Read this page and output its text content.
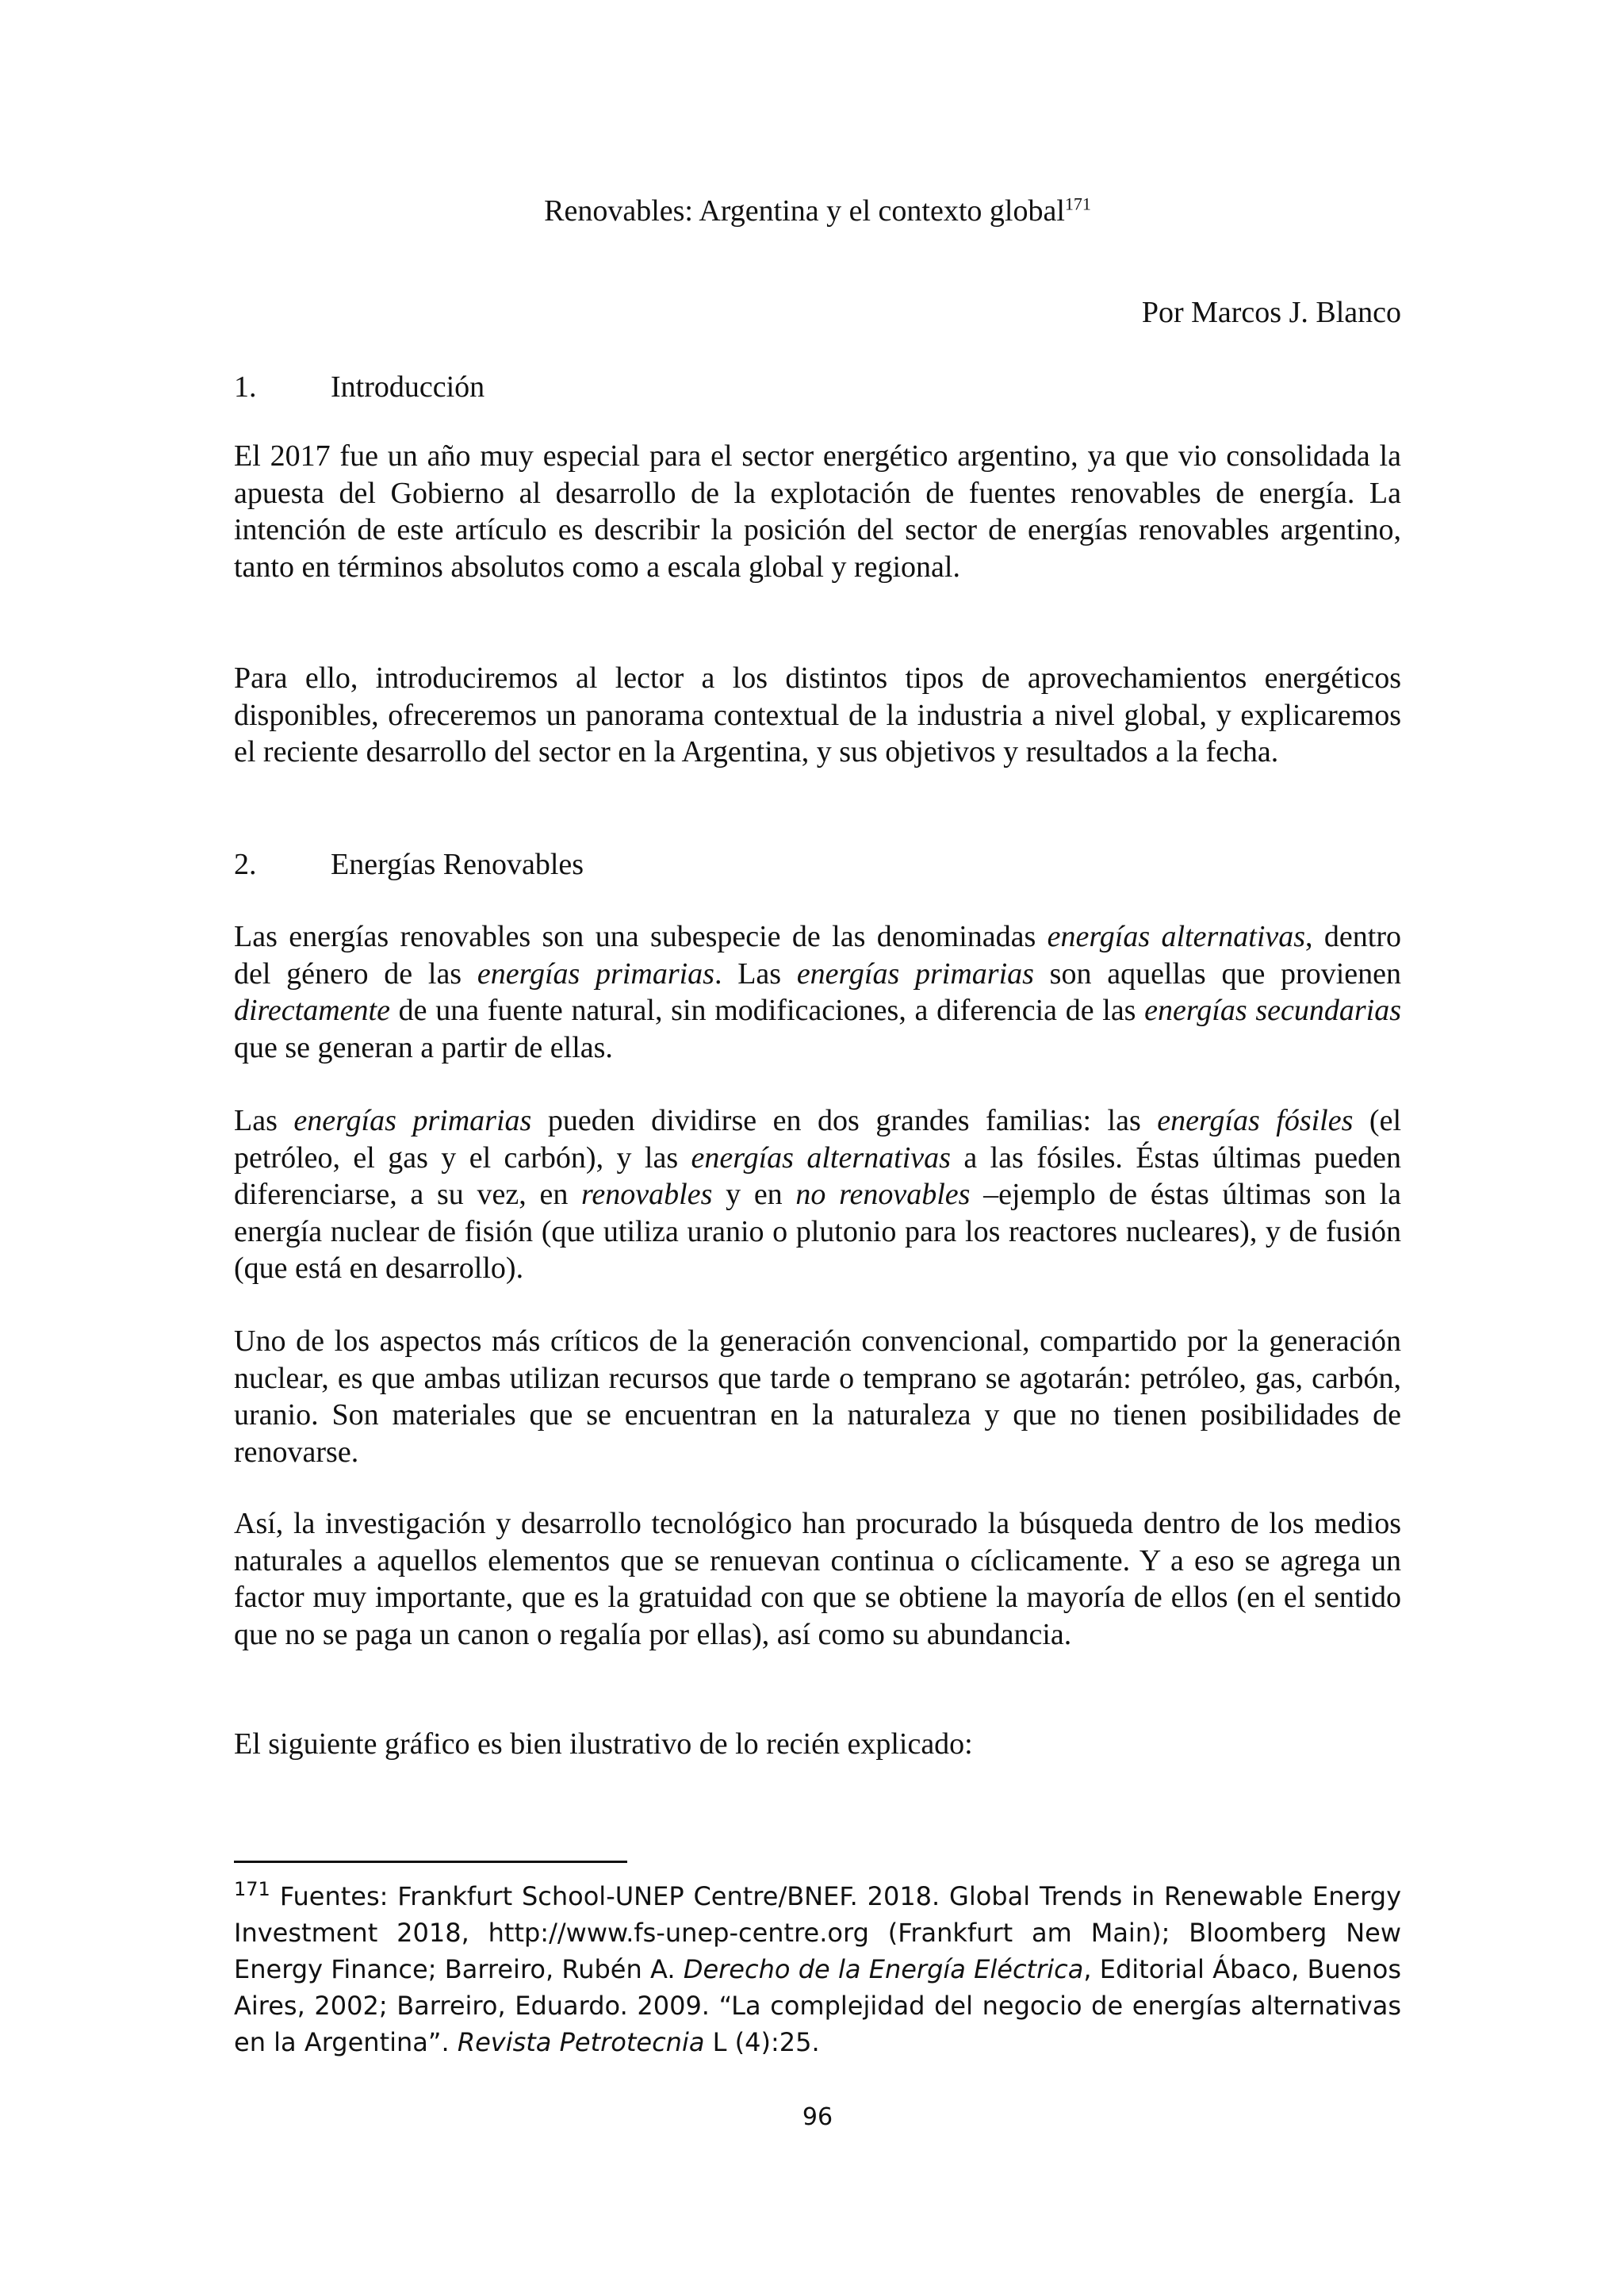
Renovables: Argentina y el contexto global$^{171}$

Por Marcos J. Blanco

1. Introducción

El 2017 fue un año muy especial para el sector energético argentino, ya que vio consolidada la apuesta del Gobierno al desarrollo de la explotación de fuentes renovables de energía. La intención de este artículo es describir la posición del sector de energías renovables argentino, tanto en términos absolutos como a escala global y regional.

Para ello, introduciremos al lector a los distintos tipos de aprovechamientos energéticos disponibles, ofreceremos un panorama contextual de la industria a nivel global, y explicaremos el reciente desarrollo del sector en la Argentina, y sus objetivos y resultados a la fecha.

2. Energías Renovables

Las energías renovables son una subespecie de las denominadas energías alternativas, dentro del género de las energías primarias. Las energías primarias son aquellas que provienen directamente de una fuente natural, sin modificaciones, a diferencia de las energías secundarias que se generan a partir de ellas.

Las energías primarias pueden dividirse en dos grandes familias: las energías fósiles (el petróleo, el gas y el carbón), y las energías alternativas a las fósiles. Éstas últimas pueden diferenciarse, a su vez, en renovables y en no renovables –ejemplo de éstas últimas son la energía nuclear de fisión (que utiliza uranio o plutonio para los reactores nucleares), y de fusión (que está en desarrollo).

Uno de los aspectos más críticos de la generación convencional, compartido por la generación nuclear, es que ambas utilizan recursos que tarde o temprano se agotarán: petróleo, gas, carbón, uranio. Son materiales que se encuentran en la naturaleza y que no tienen posibilidades de renovarse.

Así, la investigación y desarrollo tecnológico han procurado la búsqueda dentro de los medios naturales a aquellos elementos que se renuevan continua o cíclicamente. Y a eso se agrega un factor muy importante, que es la gratuidad con que se obtiene la mayoría de ellos (en el sentido que no se paga un canon o regalía por ellas), así como su abundancia.

El siguiente gráfico es bien ilustrativo de lo recién explicado:

$^{171}$ Fuentes: Frankfurt School-UNEP Centre/BNEF. 2018. Global Trends in Renewable Energy Investment 2018, http://www.fs-unep-centre.org (Frankfurt am Main); Bloomberg New Energy Finance; Barreiro, Rubén A. Derecho de la Energía Eléctrica, Editorial Ábaco, Buenos Aires, 2002; Barreiro, Eduardo. 2009. “La complejidad del negocio de energías alternativas en la Argentina”. Revista Petrotecnia L (4):25.

96
